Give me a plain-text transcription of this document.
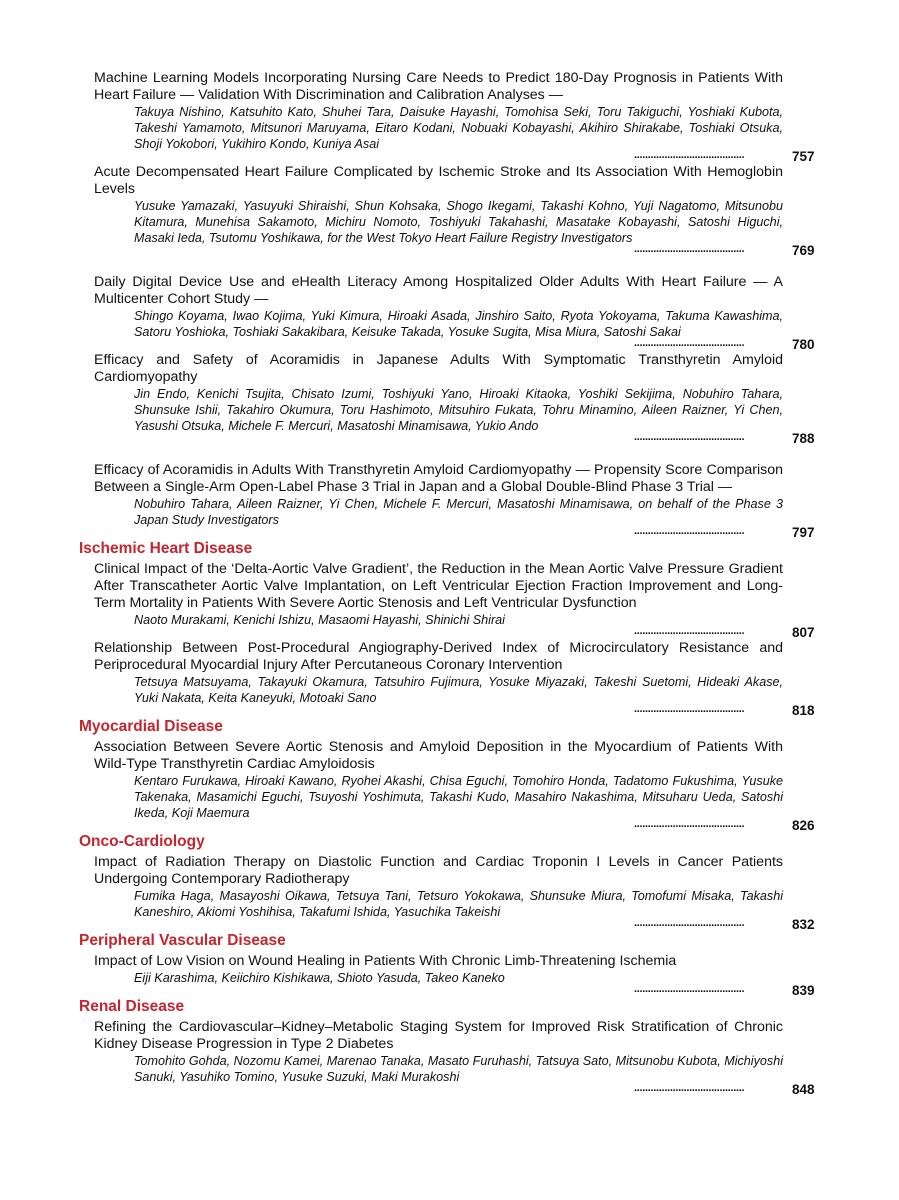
Machine Learning Models Incorporating Nursing Care Needs to Predict 180-Day Prognosis in Patients With Heart Failure — Validation With Discrimination and Calibration Analyses —
Takuya Nishino, Katsuhito Kato, Shuhei Tara, Daisuke Hayashi, Tomohisa Seki, Toru Takiguchi, Yoshiaki Kubota, Takeshi Yamamoto, Mitsunori Maruyama, Eitaro Kodani, Nobuaki Kobayashi, Akihiro Shirakabe, Toshiaki Otsuka, Shoji Yokobori, Yukihiro Kondo, Kuniya Asai
........................................	757
Acute Decompensated Heart Failure Complicated by Ischemic Stroke and Its Association With Hemoglobin Levels
Yusuke Yamazaki, Yasuyuki Shiraishi, Shun Kohsaka, Shogo Ikegami, Takashi Kohno, Yuji Nagatomo, Mitsunobu Kitamura, Munehisa Sakamoto, Michiru Nomoto, Toshiyuki Takahashi, Masatake Kobayashi, Satoshi Higuchi, Masaki Ieda, Tsutomu Yoshikawa, for the West Tokyo Heart Failure Registry Investigators
........................................	769
Daily Digital Device Use and eHealth Literacy Among Hospitalized Older Adults With Heart Failure — A Multicenter Cohort Study —
Shingo Koyama, Iwao Kojima, Yuki Kimura, Hiroaki Asada, Jinshiro Saito, Ryota Yokoyama, Takuma Kawashima, Satoru Yoshioka, Toshiaki Sakakibara, Keisuke Takada, Yosuke Sugita, Misa Miura, Satoshi Sakai
........................................	780
Efficacy and Safety of Acoramidis in Japanese Adults With Symptomatic Transthyretin Amyloid Cardiomyopathy
Jin Endo, Kenichi Tsujita, Chisato Izumi, Toshiyuki Yano, Hiroaki Kitaoka, Yoshiki Sekijima, Nobuhiro Tahara, Shunsuke Ishii, Takahiro Okumura, Toru Hashimoto, Mitsuhiro Fukata, Tohru Minamino, Aileen Raizner, Yi Chen, Yasushi Otsuka, Michele F. Mercuri, Masatoshi Minamisawa, Yukio Ando
........................................	788
Efficacy of Acoramidis in Adults With Transthyretin Amyloid Cardiomyopathy — Propensity Score Comparison Between a Single-Arm Open-Label Phase 3 Trial in Japan and a Global Double-Blind Phase 3 Trial —
Nobuhiro Tahara, Aileen Raizner, Yi Chen, Michele F. Mercuri, Masatoshi Minamisawa, on behalf of the Phase 3 Japan Study Investigators
........................................	797
Ischemic Heart Disease
Clinical Impact of the ‘Delta-Aortic Valve Gradient’, the Reduction in the Mean Aortic Valve Pressure Gradient After Transcatheter Aortic Valve Implantation, on Left Ventricular Ejection Fraction Improvement and Long-Term Mortality in Patients With Severe Aortic Stenosis and Left Ventricular Dysfunction
Naoto Murakami, Kenichi Ishizu, Masaomi Hayashi, Shinichi Shirai
........................................	807
Relationship Between Post-Procedural Angiography-Derived Index of Microcirculatory Resistance and Periprocedural Myocardial Injury After Percutaneous Coronary Intervention
Tetsuya Matsuyama, Takayuki Okamura, Tatsuhiro Fujimura, Yosuke Miyazaki, Takeshi Suetomi, Hideaki Akase, Yuki Nakata, Keita Kaneyuki, Motoaki Sano
........................................	818
Myocardial Disease
Association Between Severe Aortic Stenosis and Amyloid Deposition in the Myocardium of Patients With Wild-Type Transthyretin Cardiac Amyloidosis
Kentaro Furukawa, Hiroaki Kawano, Ryohei Akashi, Chisa Eguchi, Tomohiro Honda, Tadatomo Fukushima, Yusuke Takenaka, Masamichi Eguchi, Tsuyoshi Yoshimuta, Takashi Kudo, Masahiro Nakashima, Mitsuharu Ueda, Satoshi Ikeda, Koji Maemura
........................................	826
Onco-Cardiology
Impact of Radiation Therapy on Diastolic Function and Cardiac Troponin I Levels in Cancer Patients Undergoing Contemporary Radiotherapy
Fumika Haga, Masayoshi Oikawa, Tetsuya Tani, Tetsuro Yokokawa, Shunsuke Miura, Tomofumi Misaka, Takashi Kaneshiro, Akiomi Yoshihisa, Takafumi Ishida, Yasuchika Takeishi
........................................	832
Peripheral Vascular Disease
Impact of Low Vision on Wound Healing in Patients With Chronic Limb-Threatening Ischemia
Eiji Karashima, Keiichiro Kishikawa, Shioto Yasuda, Takeo Kaneko
........................................	839
Renal Disease
Refining the Cardiovascular–Kidney–Metabolic Staging System for Improved Risk Stratification of Chronic Kidney Disease Progression in Type 2 Diabetes
Tomohito Gohda, Nozomu Kamei, Marenao Tanaka, Masato Furuhashi, Tatsuya Sato, Mitsunobu Kubota, Michiyoshi Sanuki, Yasuhiko Tomino, Yusuke Suzuki, Maki Murakoshi
........................................	848
